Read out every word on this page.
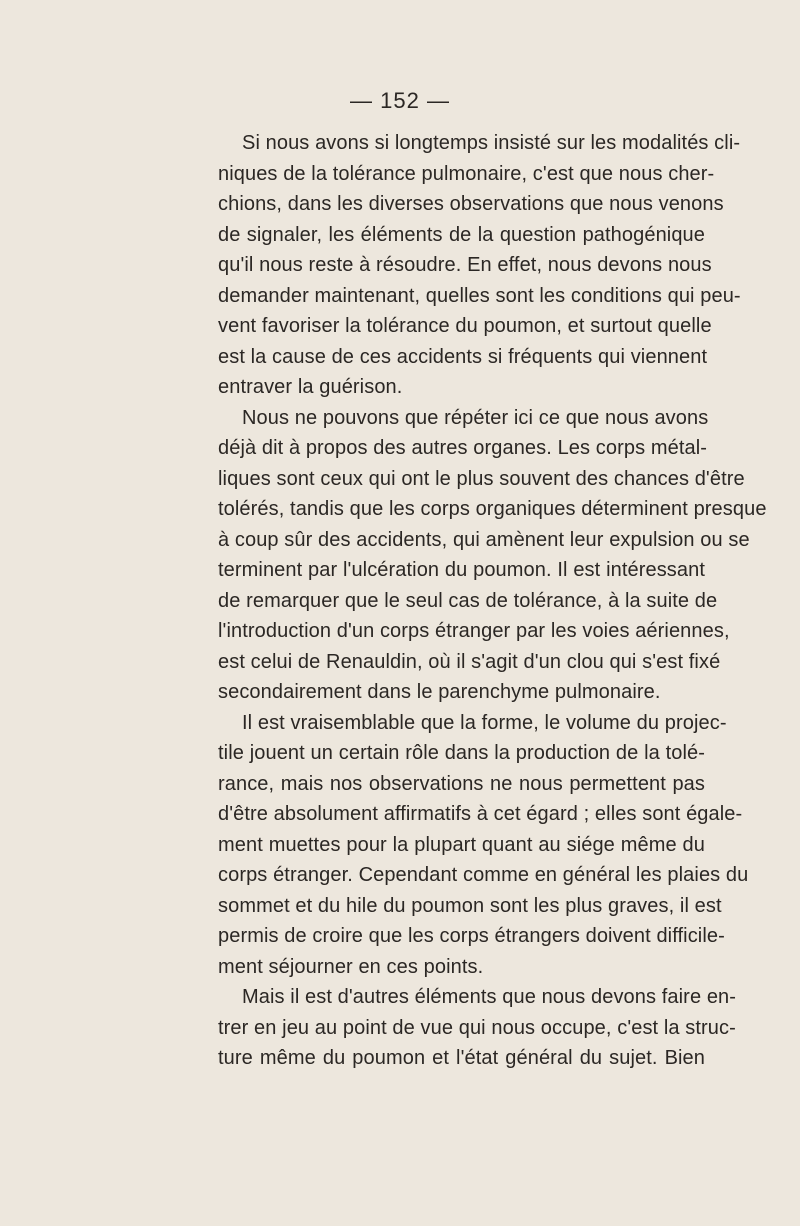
— 152 —
Si nous avons si longtemps insisté sur les modalités cli-
niques de la tolérance pulmonaire, c'est que nous cher-
chions, dans les diverses observations que nous venons
de signaler, les éléments de la question pathogénique
qu'il nous reste à résoudre. En effet, nous devons nous
demander maintenant, quelles sont les conditions qui peu-
vent favoriser la tolérance du poumon, et surtout quelle
est la cause de ces accidents si fréquents qui viennent
entraver la guérison.
Nous ne pouvons que répéter ici ce que nous avons
déjà dit à propos des autres organes. Les corps métal-
liques sont ceux qui ont le plus souvent des chances d'être
tolérés, tandis que les corps organiques déterminent presque
à coup sûr des accidents, qui amènent leur expulsion ou se
terminent par l'ulcération du poumon. Il est intéressant
de remarquer que le seul cas de tolérance, à la suite de
l'introduction d'un corps étranger par les voies aériennes,
est celui de Renauldin, où il s'agit d'un clou qui s'est fixé
secondairement dans le parenchyme pulmonaire.
Il est vraisemblable que la forme, le volume du projec-
tile jouent un certain rôle dans la production de la tolé-
rance, mais nos observations ne nous permettent pas
d'être absolument affirmatifs à cet égard ; elles sont égale-
ment muettes pour la plupart quant au siége même du
corps étranger. Cependant comme en général les plaies du
sommet et du hile du poumon sont les plus graves, il est
permis de croire que les corps étrangers doivent difficile-
ment séjourner en ces points.
Mais il est d'autres éléments que nous devons faire en-
trer en jeu au point de vue qui nous occupe, c'est la struc-
ture même du poumon et l'état général du sujet. Bien
